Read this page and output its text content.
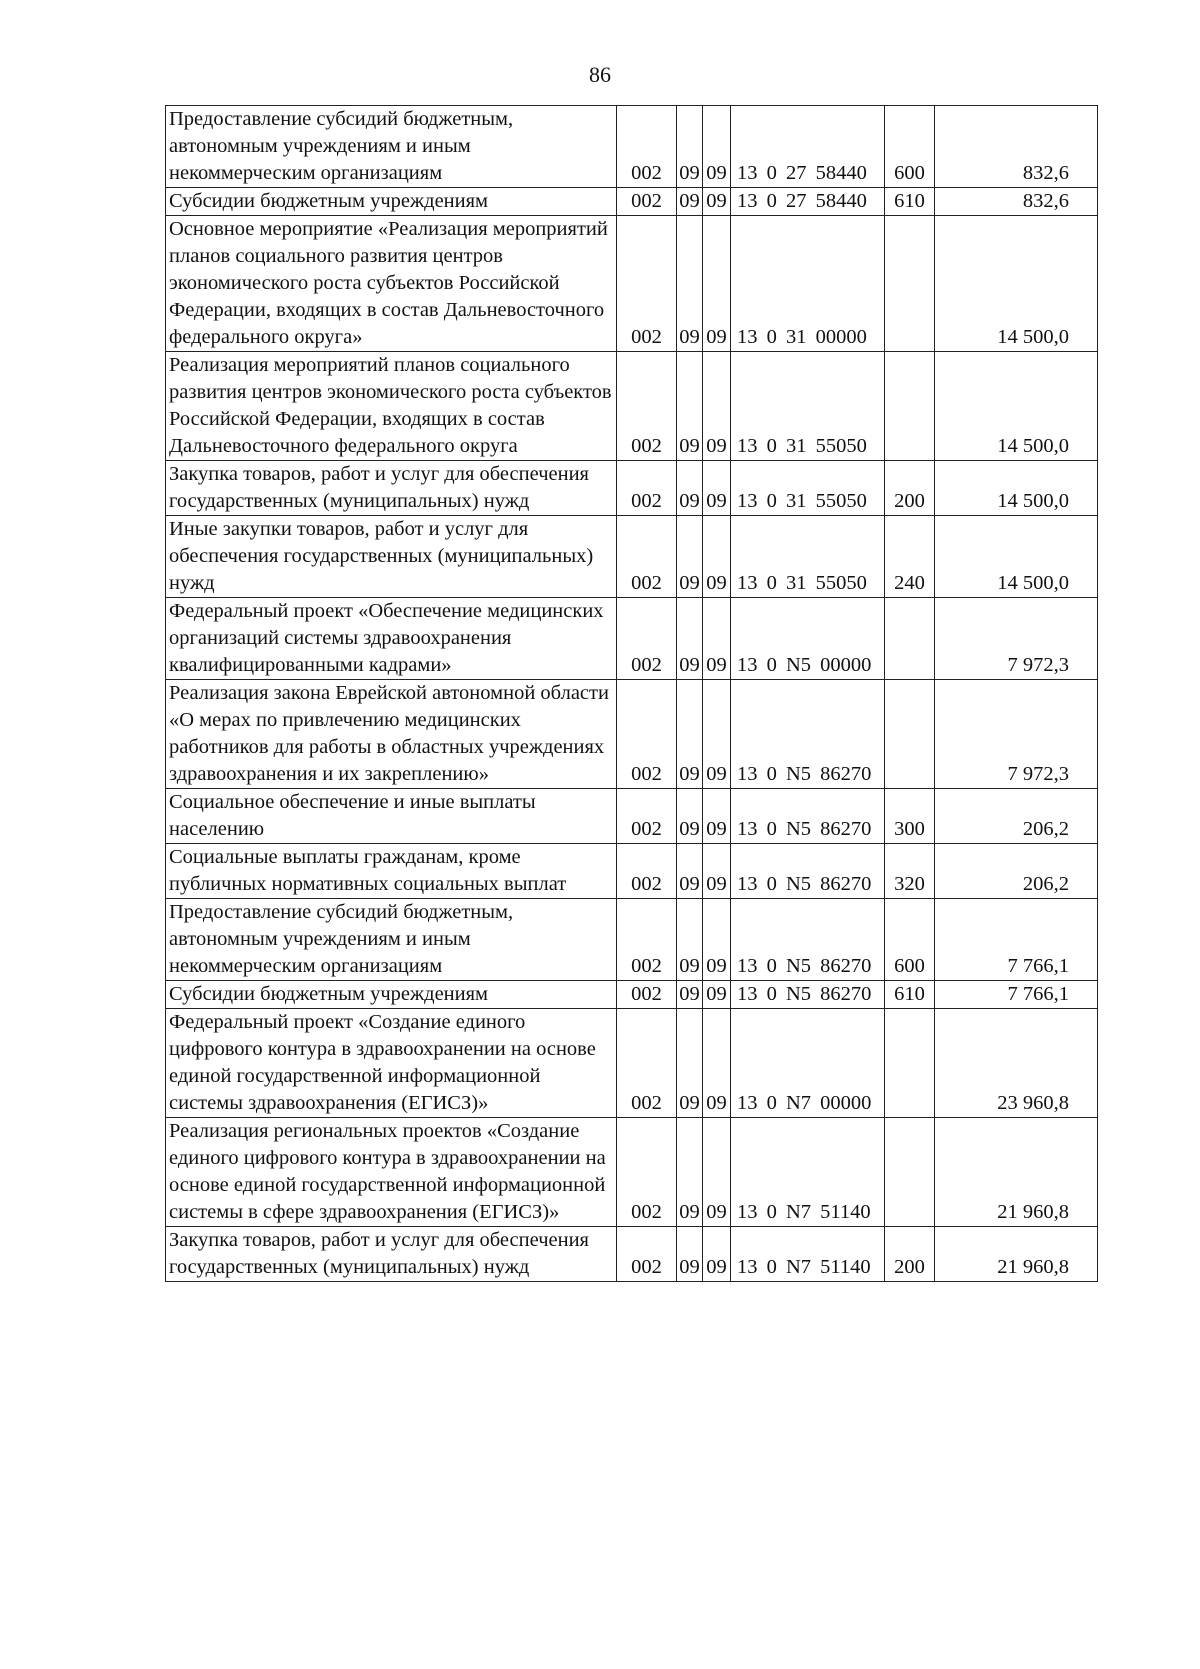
86
Предоставление субсидий бюджетным, автономным учреждениям и иным некоммерческим организациям	002	09	09	13 0 27 58440	600	832,6
Субсидии бюджетным учреждениям	002	09	09	13 0 27 58440	610	832,6
Основное мероприятие «Реализация мероприятий планов социального развития центров экономического роста субъектов Российской Федерации, входящих в состав Дальневосточного федерального округа»	002	09	09	13 0 31 00000		14 500,0
Реализация мероприятий планов социального развития центров экономического роста субъектов Российской Федерации, входящих в состав Дальневосточного федерального округа	002	09	09	13 0 31 55050		14 500,0
Закупка товаров, работ и услуг для обеспечения государственных (муниципальных) нужд	002	09	09	13 0 31 55050	200	14 500,0
Иные закупки товаров, работ и услуг для обеспечения государственных (муниципальных) нужд	002	09	09	13 0 31 55050	240	14 500,0
Федеральный проект «Обеспечение медицинских организаций системы здравоохранения квалифицированными кадрами»	002	09	09	13 0 N5 00000		7 972,3
Реализация закона Еврейской автономной области «О мерах по привлечению медицинских работников для работы в областных учреждениях здравоохранения и их закреплению»	002	09	09	13 0 N5 86270		7 972,3
Социальное обеспечение и иные выплаты населению	002	09	09	13 0 N5 86270	300	206,2
Социальные выплаты гражданам, кроме публичных нормативных социальных выплат	002	09	09	13 0 N5 86270	320	206,2
Предоставление субсидий бюджетным, автономным учреждениям и иным некоммерческим организациям	002	09	09	13 0 N5 86270	600	7 766,1
Субсидии бюджетным учреждениям	002	09	09	13 0 N5 86270	610	7 766,1
Федеральный проект «Создание единого цифрового контура в здравоохранении на основе единой государственной информационной системы здравоохранения (ЕГИСЗ)»	002	09	09	13 0 N7 00000		23 960,8
Реализация региональных проектов «Создание единого цифрового контура в здравоохранении на основе единой государственной информационной системы в сфере здравоохранения (ЕГИСЗ)»	002	09	09	13 0 N7 51140		21 960,8
Закупка товаров, работ и услуг для обеспечения государственных (муниципальных) нужд	002	09	09	13 0 N7 51140	200	21 960,8
